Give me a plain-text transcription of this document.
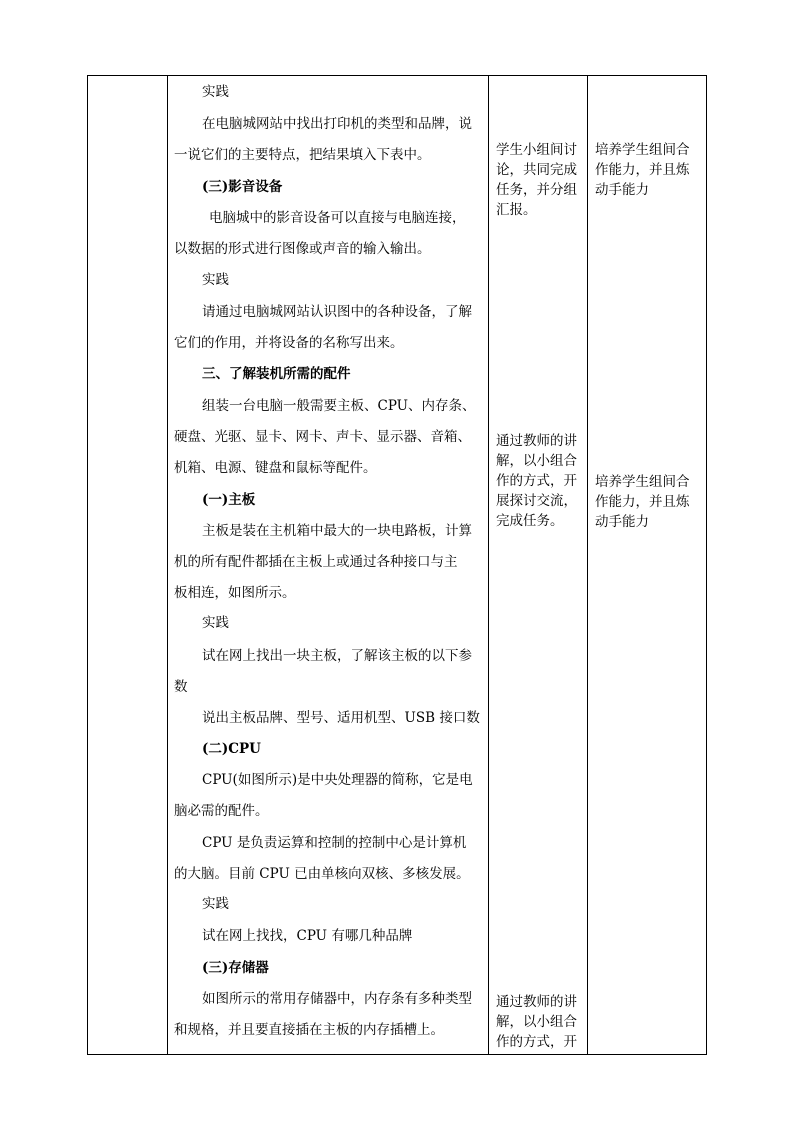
实践
在电脑城网站中找出打印机的类型和品牌，说
一说它们的主要特点，把结果填入下表中。
(三)影音设备
电脑城中的影音设备可以直接与电脑连接，
以数据的形式进行图像或声音的输入输出。
实践
请通过电脑城网站认识图中的各种设备，了解
它们的作用，并将设备的名称写出来。
三、了解装机所需的配件
组装一台电脑一般需要主板、CPU、内存条、
硬盘、光驱、显卡、网卡、声卡、显示器、音箱、
机箱、电源、键盘和鼠标等配件。
(一)主板
主板是装在主机箱中最大的一块电路板，计算
机的所有配件都插在主板上或通过各种接口与主
板相连，如图所示。
实践
试在网上找出一块主板，了解该主板的以下参
数
说出主板品牌、型号、适用机型、USB 接口数
(二)CPU
CPU(如图所示)是中央处理器的简称，它是电
脑必需的配件。
CPU 是负责运算和控制的控制中心是计算机
的大脑。目前 CPU 已由单核向双核、多核发展。
实践
试在网上找找，CPU 有哪几种品牌
(三)存储器
如图所示的常用存储器中，内存条有多种类型
和规格，并且要直接插在主板的内存插槽上。
学生小组间讨
论，共同完成
任务，并分组
汇报。
通过教师的讲
解，以小组合
作的方式，开
展探讨交流，
完成任务。
通过教师的讲
解，以小组合
作的方式，开
培养学生组间合
作能力，并且炼
动手能力
培养学生组间合
作能力，并且炼
动手能力
